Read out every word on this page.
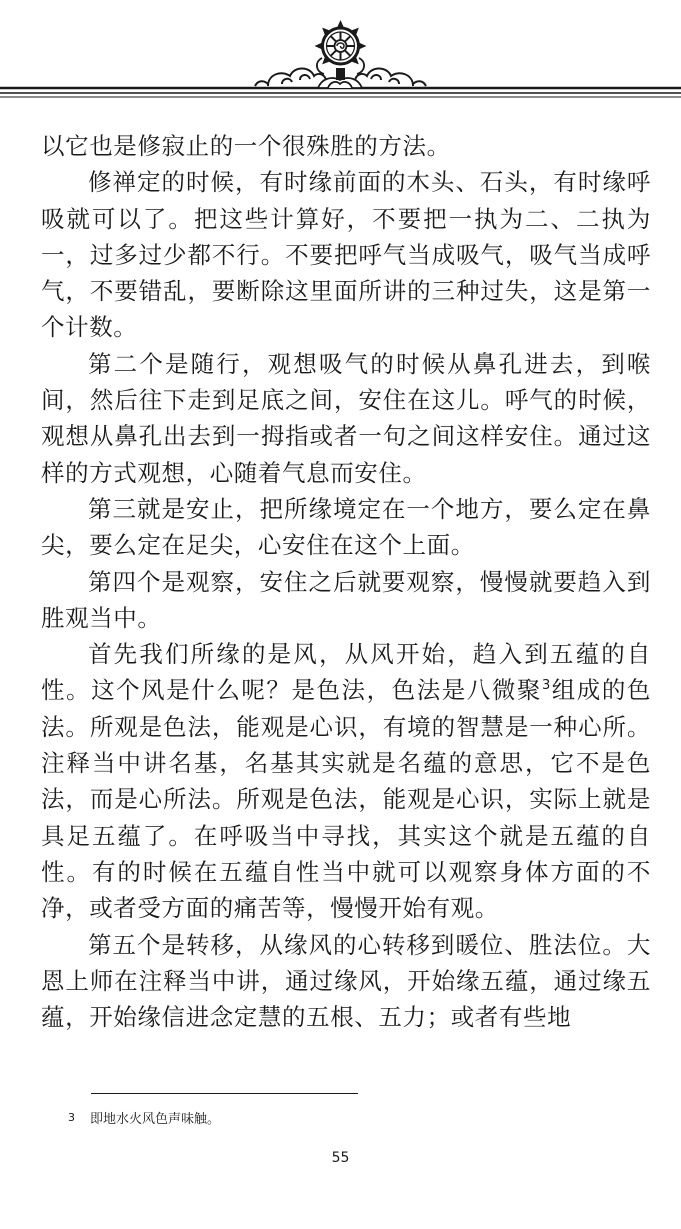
以它也是修寂止的一个很殊胜的方法。

修禅定的时候，有时缘前面的木头、石头，有时缘呼吸就可以了。把这些计算好，不要把一执为二、二执为一，过多过少都不行。不要把呼气当成吸气，吸气当成呼气，不要错乱，要断除这里面所讲的三种过失，这是第一个计数。

第二个是随行，观想吸气的时候从鼻孔进去，到喉间，然后往下走到足底之间，安住在这儿。呼气的时候，观想从鼻孔出去到一拇指或者一句之间这样安住。通过这样的方式观想，心随着气息而安住。

第三就是安止，把所缘境定在一个地方，要么定在鼻尖，要么定在足尖，心安住在这个上面。

第四个是观察，安住之后就要观察，慢慢就要趋入到胜观当中。

首先我们所缘的是风，从风开始，趋入到五蕴的自性。这个风是什么呢？是色法，色法是八微聚$^3$组成的色法。所观是色法，能观是心识，有境的智慧是一种心所。注释当中讲名基，名基其实就是名蕴的意思，它不是色法，而是心所法。所观是色法，能观是心识，实际上就是具足五蕴了。在呼吸当中寻找，其实这个就是五蕴的自性。有的时候在五蕴自性当中就可以观察身体方面的不净，或者受方面的痛苦等，慢慢开始有观。

第五个是转移，从缘风的心转移到暖位、胜法位。大恩上师在注释当中讲，通过缘风，开始缘五蕴，通过缘五蕴，开始缘信进念定慧的五根、五力；或者有些地

3 即地水火风色声味触。
55
